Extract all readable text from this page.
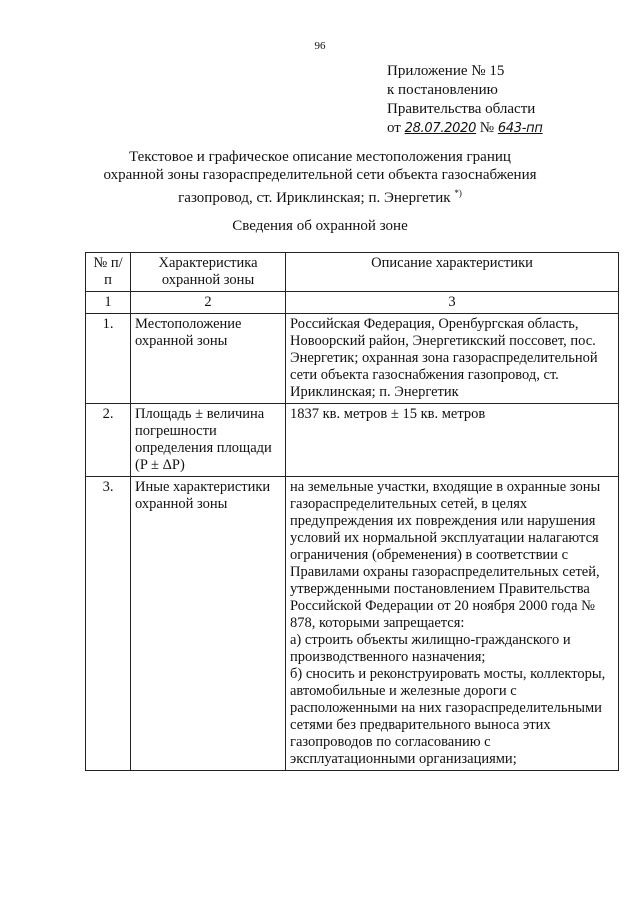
96
Приложение № 15
к постановлению
Правительства области
от 28.07.2020 № 643-пп
Текстовое и графическое описание местоположения границ
охранной зоны газораспределительной сети объекта газоснабжения
газопровод, ст. Ириклинская; п. Энергетик *)
Сведения об охранной зоне
№ п/п	Характеристика охранной зоны	Описание характеристики
1	2	3
1.	Местоположение охранной зоны	Российская Федерация, Оренбургская область, Новоорский район, Энергетикский поссовет, пос. Энергетик; охранная зона газораспределительной сети объекта газоснабжения газопровод, ст. Ириклинская; п. Энергетик
2.	Площадь ± величина погрешности определения площади (P ± ΔP)	1837 кв. метров ± 15 кв. метров
3.	Иные характеристики охранной зоны	на земельные участки, входящие в охранные зоны газораспределительных сетей, в целях предупреждения их повреждения или нарушения условий их нормальной эксплуатации налагаются ограничения (обременения) в соответствии с Правилами охраны газораспределительных сетей, утвержденными постановлением Правительства Российской Федерации от 20 ноября 2000 года № 878, которыми запрещается:
а) строить объекты жилищно-гражданского и производственного назначения;
б) сносить и реконструировать мосты, коллекторы, автомобильные и железные дороги с расположенными на них газораспределительными сетями без предварительного выноса этих газопроводов по согласованию с эксплуатационными организациями;
